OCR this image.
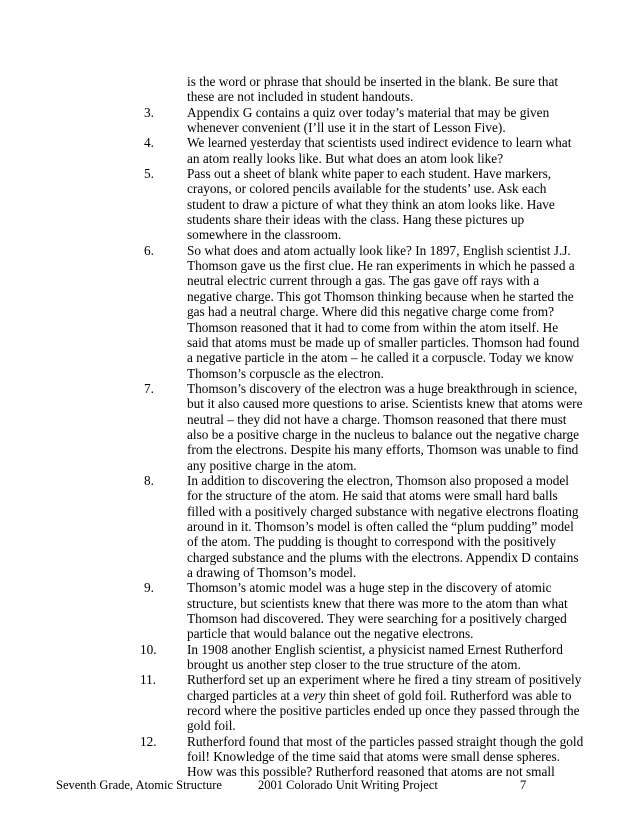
is the word or phrase that should be inserted in the blank. Be sure that
these are not included in student handouts.
3.	Appendix G contains a quiz over today’s material that may be given
whenever convenient (I’ll use it in the start of Lesson Five).
4.	We learned yesterday that scientists used indirect evidence to learn what
an atom really looks like. But what does an atom look like?
5.	Pass out a sheet of blank white paper to each student. Have markers,
crayons, or colored pencils available for the students’ use. Ask each
student to draw a picture of what they think an atom looks like. Have
students share their ideas with the class. Hang these pictures up
somewhere in the classroom.
6.	So what does and atom actually look like? In 1897, English scientist J.J.
Thomson gave us the first clue. He ran experiments in which he passed a
neutral electric current through a gas. The gas gave off rays with a
negative charge. This got Thomson thinking because when he started the
gas had a neutral charge. Where did this negative charge come from?
Thomson reasoned that it had to come from within the atom itself. He
said that atoms must be made up of smaller particles. Thomson had found
a negative particle in the atom – he called it a corpuscle. Today we know
Thomson’s corpuscle as the electron.
7.	Thomson’s discovery of the electron was a huge breakthrough in science,
but it also caused more questions to arise. Scientists knew that atoms were
neutral – they did not have a charge. Thomson reasoned that there must
also be a positive charge in the nucleus to balance out the negative charge
from the electrons. Despite his many efforts, Thomson was unable to find
any positive charge in the atom.
8.	In addition to discovering the electron, Thomson also proposed a model
for the structure of the atom. He said that atoms were small hard balls
filled with a positively charged substance with negative electrons floating
around in it. Thomson’s model is often called the “plum pudding” model
of the atom. The pudding is thought to correspond with the positively
charged substance and the plums with the electrons. Appendix D contains
a drawing of Thomson’s model.
9.	Thomson’s atomic model was a huge step in the discovery of atomic
structure, but scientists knew that there was more to the atom than what
Thomson had discovered. They were searching for a positively charged
particle that would balance out the negative electrons.
10.	In 1908 another English scientist, a physicist named Ernest Rutherford
brought us another step closer to the true structure of the atom.
11.	Rutherford set up an experiment where he fired a tiny stream of positively
charged particles at a very thin sheet of gold foil. Rutherford was able to
record where the positive particles ended up once they passed through the
gold foil.
12.	Rutherford found that most of the particles passed straight though the gold
foil! Knowledge of the time said that atoms were small dense spheres.
How was this possible? Rutherford reasoned that atoms are not small
Seventh Grade, Atomic Structure	2001 Colorado Unit Writing Project	7
